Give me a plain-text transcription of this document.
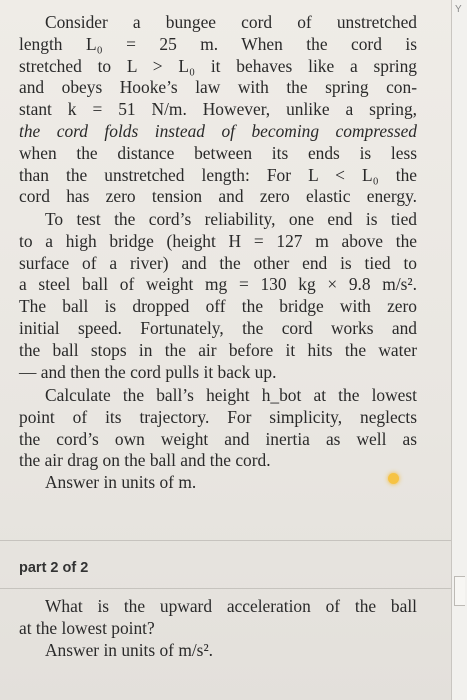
Consider a bungee cord of unstretched
length L₀ = 25 m. When the cord is
stretched to L > L₀ it behaves like a spring
and obeys Hooke’s law with the spring con-
stant k = 51 N/m. However, unlike a spring,
the cord folds instead of becoming compressed
when the distance between its ends is less
than the unstretched length: For L < L₀ the
cord has zero tension and zero elastic energy.
To test the cord’s reliability, one end is tied
to a high bridge (height H = 127 m above the
surface of a river) and the other end is tied to
a steel ball of weight mg = 130 kg × 9.8 m/s².
The ball is dropped off the bridge with zero
initial speed. Fortunately, the cord works and
the ball stops in the air before it hits the water
— and then the cord pulls it back up.
Calculate the ball’s height h_bot at the lowest
point of its trajectory. For simplicity, neglects
the cord’s own weight and inertia as well as
the air drag on the ball and the cord.
Answer in units of m.
part 2 of 2
What is the upward acceleration of the ball
at the lowest point?
Answer in units of m/s².
Y
